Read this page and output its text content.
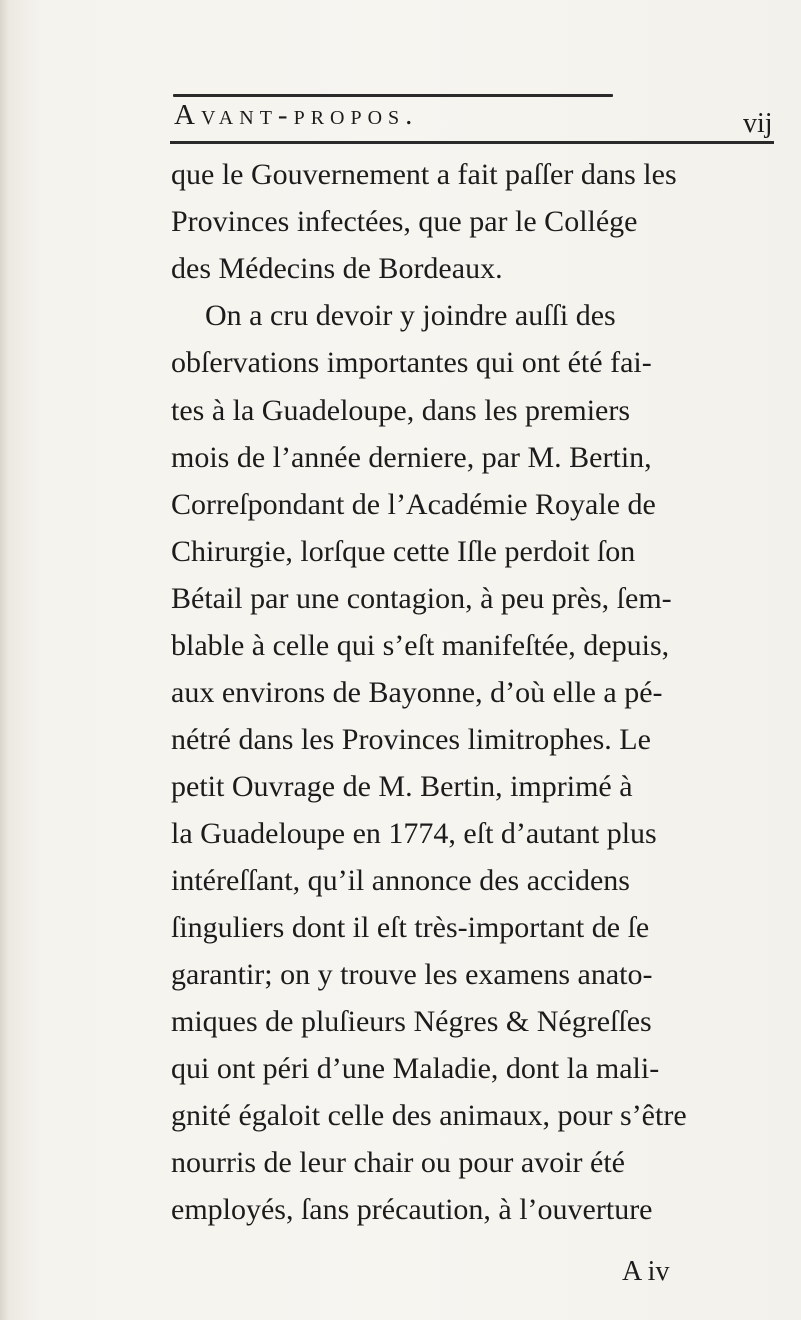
Avant-propos.	vij
que le Gouvernement a fait paſſer dans les
Provinces infectées, que par le Collége
des Médecins de Bordeaux.
On a cru devoir y joindre auſſi des
obſervations importantes qui ont été fai-
tes à la Guadeloupe, dans les premiers
mois de l’année derniere, par M. Bertin,
Correſpondant de l’Académie Royale de
Chirurgie, lorſque cette Iſle perdoit ſon
Bétail par une contagion, à peu près, ſem-
blable à celle qui s’eſt manifeſtée, depuis,
aux environs de Bayonne, d’où elle a pé-
nétré dans les Provinces limitrophes. Le
petit Ouvrage de M. Bertin, imprimé à
la Guadeloupe en 1774, eſt d’autant plus
intéreſſant, qu’il annonce des accidens
ſinguliers dont il eſt très-important de ſe
garantir; on y trouve les examens anato-
miques de pluſieurs Négres & Négreſſes
qui ont péri d’une Maladie, dont la mali-
gnité égaloit celle des animaux, pour s’être
nourris de leur chair ou pour avoir été
employés, ſans précaution, à l’ouverture
A iv
